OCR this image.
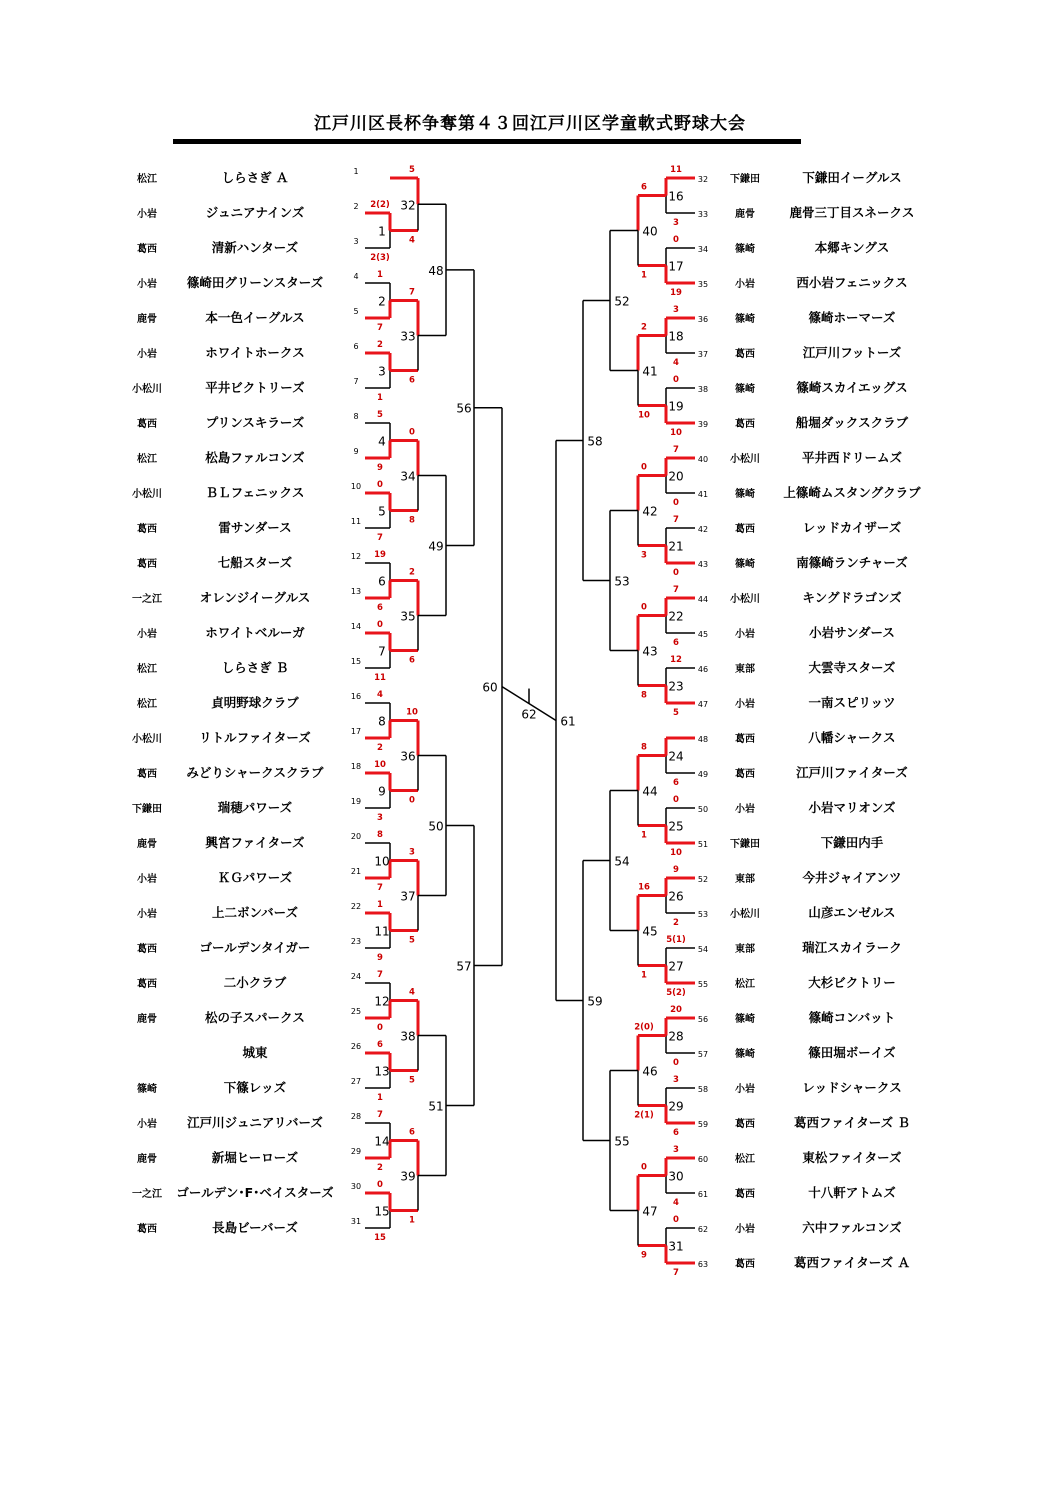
江戸川区長杯争奪第４３回江戸川区学童軟式野球大会
松江	しらさぎ Ａ	1
小岩	ジュニアナインズ	2
葛西	清新ハンターズ	3
小岩 篠崎田グリーンスターズ	4
鹿骨	本一色イーグルス	5
小岩	ホワイトホークス	6
小松川	平井ビクトリーズ	7
葛西	プリンスキラーズ	8
松江	松島ファルコンズ	9
小松川	ＢＬフェニックス	10
葛西	雷サンダース	11
葛西	七船スターズ	12
一之江	オレンジイーグルス	13
小岩	ホワイトベルーガ	14
松江	しらさぎ Ｂ	15
松江	貞明野球クラブ	16
小松川	リトルファイターズ	17
葛西 みどりシャークスクラブ	18
下鎌田	瑞穂パワーズ	19
鹿骨	興宮ファイターズ	20
小岩	ＫＧパワーズ	21
小岩	上二ボンバーズ	22
葛西	ゴールデンタイガー	23
葛西	二小クラブ	24
鹿骨	松の子スパークス	25
城東	26
篠崎	下篠レッズ	27
小岩 江戸川ジュニアリバーズ	28
鹿骨	新堀ヒーローズ	29
一之江 ゴールデン･F･ベイスターズ 30
葛西	長島ビーバーズ	31
1
2(2)
2(3)
2
1
7
3
2
1
4
5
9
5
0
7
6
19
6
7
0
11
8
4
2
9
10
3
10
8
7
11
1
9
12
7
0
13
6
1
14
7
2
15
0
15
32
5
4
33
7
6
34
0
8
35
2
6
36
10
0
37
3
5
38
4
5
39
6
1
48
49
50
51
56
57
60
32 下鎌田	下鎌田イーグルス
33	鹿骨	鹿骨三丁目スネークス
34	篠崎	本郷キングス
35	小岩	西小岩フェニックス
36	篠崎	篠崎ホーマーズ
37	葛西	江戸川フットーズ
38	篠崎	篠崎スカイエッグス
39	葛西	船堀ダックスクラブ
40 小松川	平井西ドリームズ
41	篠崎 上篠崎ムスタングクラブ
42	葛西	レッドカイザーズ
43	篠崎	南篠崎ランチャーズ
44 小松川	キングドラゴンズ
45	小岩	小岩サンダース
46	東部	大雲寺スターズ
47	小岩	一南スピリッツ
48	葛西	八幡シャークス
49	葛西	江戸川ファイターズ
50	小岩	小岩マリオンズ
51 下鎌田	下鎌田内手
52	東部	今井ジャイアンツ
53 小松川	山彦エンゼルス
54	東部	瑞江スカイラーク
55	松江	大杉ビクトリー
56	篠崎	篠崎コンバット
57	篠崎	篠田堀ボーイズ
58	小岩	レッドシャークス
59	葛西	葛西ファイターズ Ｂ
60	松江	東松ファイターズ
61	葛西	十八軒アトムズ
62	小岩	六中ファルコンズ
63	葛西	葛西ファイターズ Ａ
16
11
3
17
0
19
18
3
4
19
0
10
20
7
0
21
7
0
22
7
6
23
12
5
24
6
25
0
10
26
9
2
27
5(1)
5(2)
28
20
0
29
3
6
30
3
4
31
0
7
40
6
1
41
2
10
42
0
3
43
0
8
44
8
1
45
16
1
46
2(0)
2(1)
47
0
9
52
53
54
55
58
59
61
62
